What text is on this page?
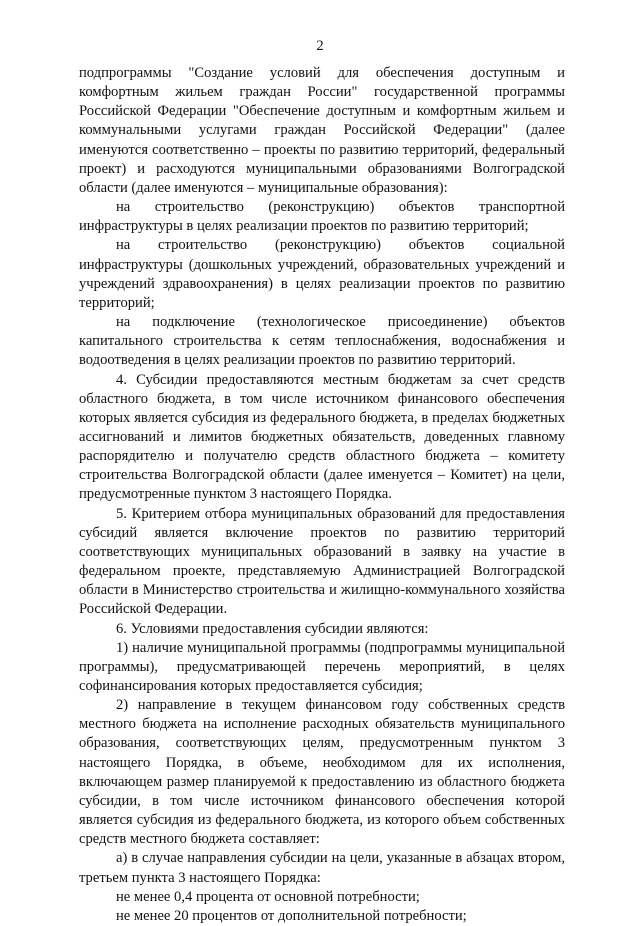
2

подпрограммы "Создание условий для обеспечения доступным и комфортным жильем граждан России" государственной программы Российской Федерации "Обеспечение доступным и комфортным жильем и коммунальными услугами граждан Российской Федерации" (далее именуются соответственно – проекты по развитию территорий, федеральный проект) и расходуются муниципальными образованиями Волгоградской области (далее именуются – муниципальные образования):

на строительство (реконструкцию) объектов транспортной инфраструктуры в целях реализации проектов по развитию территорий;

на строительство (реконструкцию) объектов социальной инфраструктуры (дошкольных учреждений, образовательных учреждений и учреждений здравоохранения) в целях реализации проектов по развитию территорий;

на подключение (технологическое присоединение) объектов капитального строительства к сетям теплоснабжения, водоснабжения и водоотведения в целях реализации проектов по развитию территорий.

4. Субсидии предоставляются местным бюджетам за счет средств областного бюджета, в том числе источником финансового обеспечения которых является субсидия из федерального бюджета, в пределах бюджетных ассигнований и лимитов бюджетных обязательств, доведенных главному распорядителю и получателю средств областного бюджета – комитету строительства Волгоградской области (далее именуется – Комитет) на цели, предусмотренные пунктом 3 настоящего Порядка.

5. Критерием отбора муниципальных образований для предоставления субсидий является включение проектов по развитию территорий соответствующих муниципальных образований в заявку на участие в федеральном проекте, представляемую Администрацией Волгоградской области в Министерство строительства и жилищно-коммунального хозяйства Российской Федерации.

6. Условиями предоставления субсидии являются:

1) наличие муниципальной программы (подпрограммы муниципальной программы), предусматривающей перечень мероприятий, в целях софинансирования которых предоставляется субсидия;

2) направление в текущем финансовом году собственных средств местного бюджета на исполнение расходных обязательств муниципального образования, соответствующих целям, предусмотренным пунктом 3 настоящего Порядка, в объеме, необходимом для их исполнения, включающем размер планируемой к предоставлению из областного бюджета субсидии, в том числе источником финансового обеспечения которой является субсидия из федерального бюджета, из которого объем собственных средств местного бюджета составляет:

а) в случае направления субсидии на цели, указанные в абзацах втором, третьем пункта 3 настоящего Порядка:

не менее 0,4 процента от основной потребности;

не менее 20 процентов от дополнительной потребности;
